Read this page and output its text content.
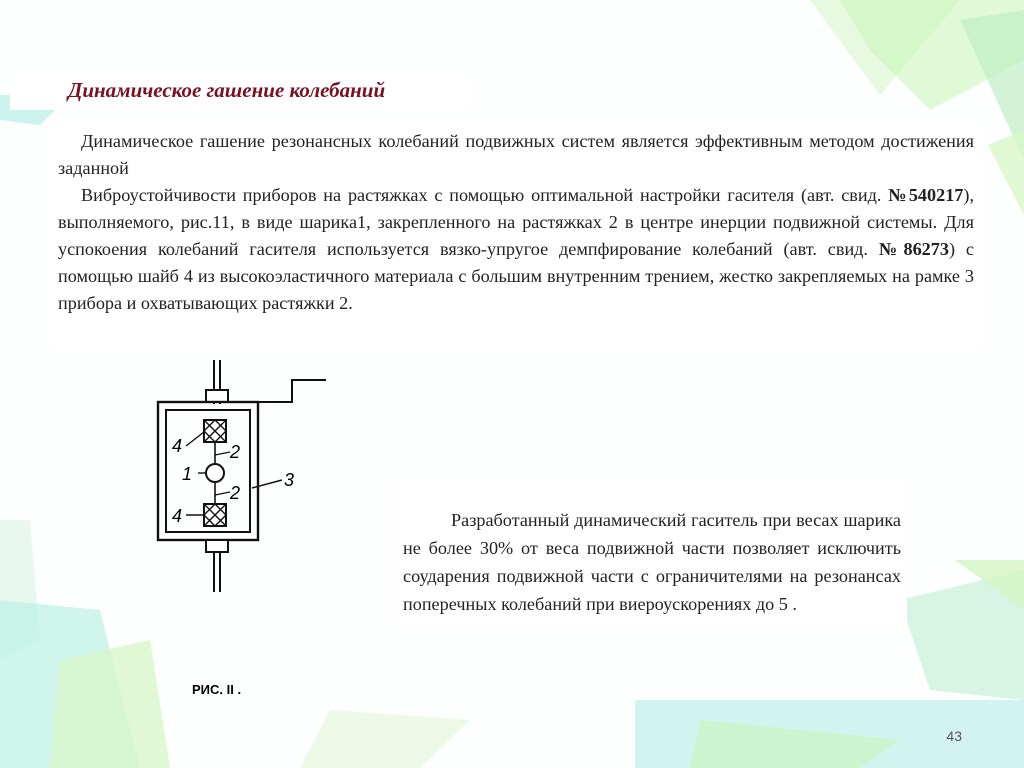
Динамическое гашение колебаний

Динамическое гашение резонансных колебаний подвижных систем является эффективным методом достижения заданной

Виброустойчивости приборов на растяжках с помощью оптимальной настройки гасителя (авт. свид. №540217), выполняемого, рис.11, в виде шарика1, закрепленного на растяжках 2 в центре инерции подвижной системы. Для успокоения колебаний гасителя используется вязко-упругое демпфирование колебаний (авт. свид. №86273) с помощью шайб 4 из высокоэластичного материала с большим внутренним трением, жестко закрепляемых на рамке 3 прибора и охватывающих растяжки 2.

4
4
1
2
2
3
РИС. II .

Разработанный динамический гаситель при весах шарика не более 30% от веса подвижной части позволяет исключить соударения подвижной части с ограничителями на резонансах поперечных колебаний при виероускорениях до 5 .

43
